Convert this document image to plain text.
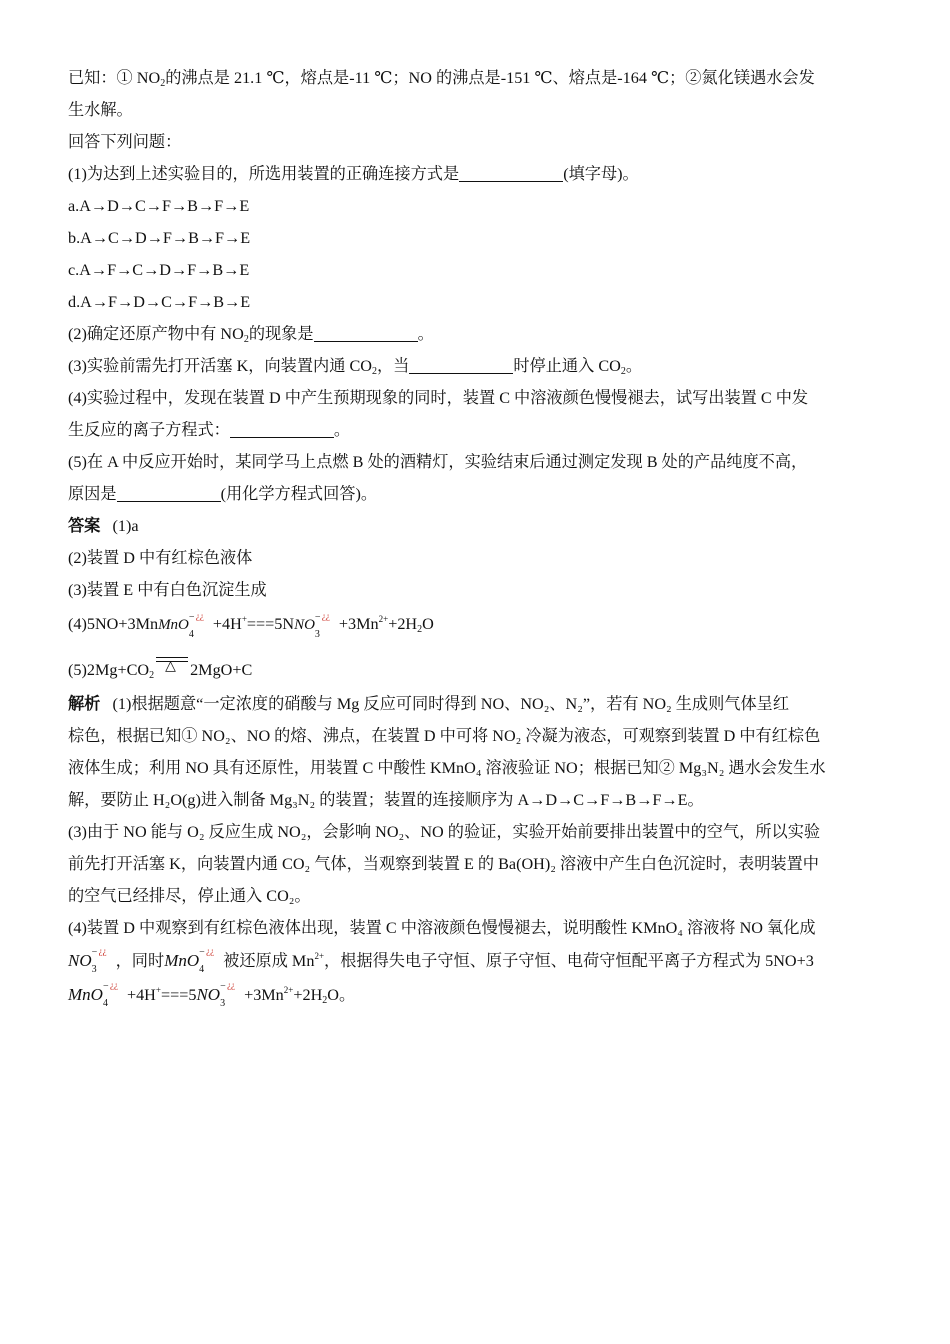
已知：① $NO_2$的沸点是 21.1 ℃，熔点是-11 ℃；NO 的沸点是-151 ℃、熔点是-164 ℃；②氮化镁遇水会发
生水解。
回答下列问题：
(1)为达到上述实验目的，所选用装置的正确连接方式是	(填字母)。
a.A→D→C→F→B→F→E
b.A→C→D→F→B→F→E
c.A→F→C→D→F→B→E
d.A→F→D→C→F→B→E
(2)确定还原产物中有 $NO_2$的现象是	。
(3)实验前需先打开活塞 K，向装置内通 $CO_2$，当	时停止通入 $CO_2$。
(4)实验过程中，发现在装置 D 中产生预期现象的同时，装置 C 中溶液颜色慢慢褪去，试写出装置 C 中发
生反应的离子方程式：	。
(5)在 A 中反应开始时，某同学马上点燃 B 处的酒精灯，实验结束后通过测定发现 B 处的产品纯度不高，
原因是	(用化学方程式回答)。
答案 (1)a
(2)装置 D 中有红棕色液体
(3)装置 E 中有白色沉淀生成
(4)5NO+3MnMnO − ¿¿
4
+4H+===5NNO − ¿¿
3
$+3Mn^{2+}+2H_2O$
$(5)2Mg+CO_2$
△ 2MgO+C
解析 (1)根据题意“一定浓度的硝酸与 Mg 反应可同时得到 NO、NO₂、N₂”，若有 NO₂ 生成则气体呈红
棕色，根据已知① NO₂、NO 的熔、沸点，在装置 D 中可将 NO₂ 冷凝为液态，可观察到装置 D 中有红棕色
液体生成；利用 NO 具有还原性，用装置 C 中酸性 KMnO₄ 溶液验证 NO；根据已知② Mg₃N₂ 遇水会发生水
解，要防止 H₂O(g)进入制备 Mg₃N₂ 的装置；装置的连接顺序为 A→D→C→F→B→F→E。
(3)由于 NO 能与 O₂ 反应生成 NO₂，会影响 NO₂、NO 的验证，实验开始前要排出装置中的空气，所以实验
前先打开活塞 K，向装置内通 CO₂ 气体，当观察到装置 E 的 Ba(OH)₂ 溶液中产生白色沉淀时，表明装置中
的空气已经排尽，停止通入 CO₂。
(4)装置 D 中观察到有红棕色液体出现，装置 C 中溶液颜色慢慢褪去，说明酸性 KMnO₄ 溶液将 NO 氧化成
NO − ¿¿
3 ，同时MnO − ¿¿
4 被还原成 $Mn^{2+}$，根据得失电子守恒、原子守恒、电荷守恒配平离子方程式为 5NO+3
MnO − ¿¿
4 +4H+===5NO − ¿¿
$3 +3Mn^{2+}+2H_2O$。
